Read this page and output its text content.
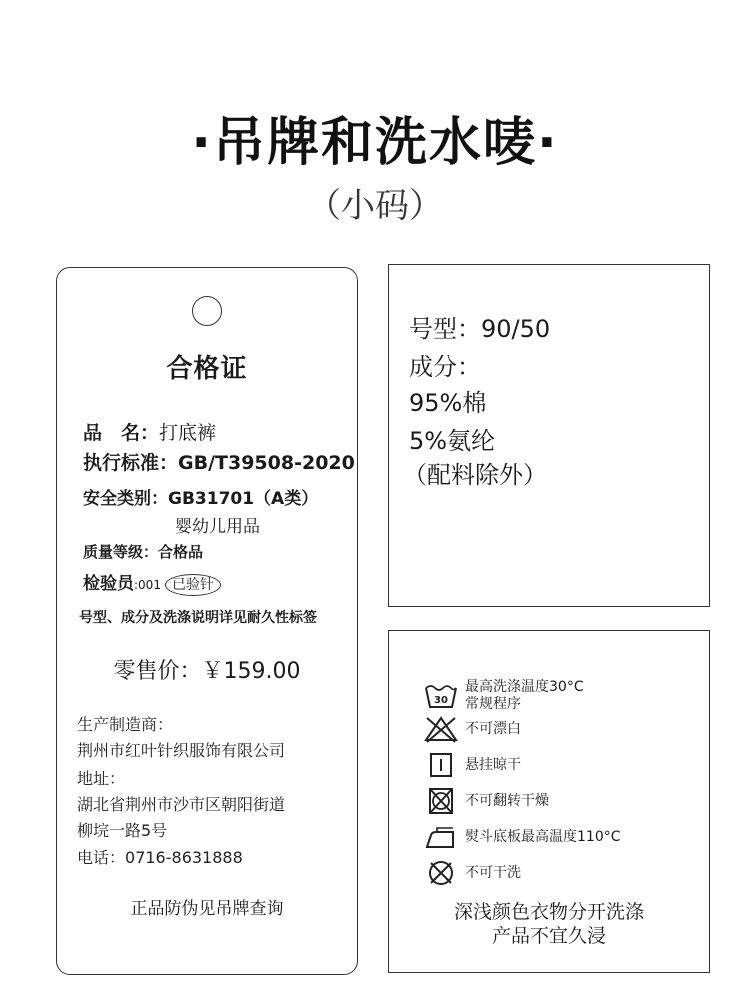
·吊牌和洗水唛·
（小码）
合格证
品　名：打底裤
执行标准：GB/T39508-2020
安全类别：GB31701（A类）
婴幼儿用品
质量等级：合格品
检验员:001 已验针
号型、成分及洗涤说明详见耐久性标签
零售价：￥159.00
生产制造商：
荆州市红叶针织服饰有限公司
地址：
湖北省荆州市沙市区朝阳街道
柳垸一路5号
电话：0716-8631888
正品防伪见吊牌查询
号型：90/50
成分：
95%棉
5%氨纶
（配料除外）
30
最高洗涤温度30°C
常规程序
不可漂白
悬挂晾干
不可翻转干燥
熨斗底板最高温度110°C
不可干洗
深浅颜色衣物分开洗涤
产品不宜久浸
